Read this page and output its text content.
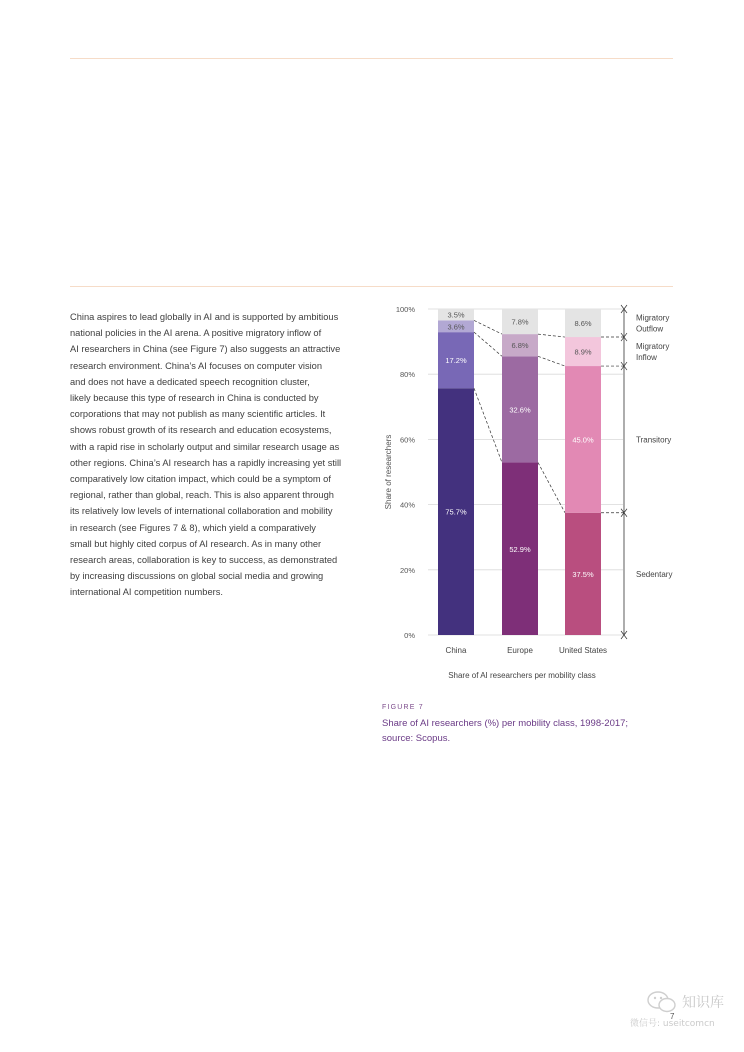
China aspires to lead globally in AI and is supported by ambitious
national policies in the AI arena. A positive migratory inflow of
AI researchers in China (see Figure 7) also suggests an attractive
research environment. China’s AI focuses on computer vision
and does not have a dedicated speech recognition cluster,
likely because this type of research in China is conducted by
corporations that may not publish as many scientific articles. It
shows robust growth of its research and education ecosystems,
with a rapid rise in scholarly output and similar research usage as
other regions. China’s AI research has a rapidly increasing yet still
comparatively low citation impact, which could be a symptom of
regional, rather than global, reach. This is also apparent through
its relatively low levels of international collaboration and mobility
in research (see Figures 7 & 8), which yield a comparatively
small but highly cited corpus of AI research. As in many other
research areas, collaboration is key to success, as demonstrated
by increasing discussions on global social media and growing
international AI competition numbers.
0%
20%
40%
60%
80%
100%
Share of researchers
75.7%
17.2%
3.6%
3.5%
China
52.9%
32.6%
6.8%
7.8%
Europe
37.5%
45.0%
8.9%
8.6%
United States
Migratory
Outflow
Migratory
Inflow
Transitory
Sedentary
Share of AI researchers per mobility class
FIGURE 7
Share of AI researchers (%) per mobility class, 1998-2017;
source: Scopus.
7
知识库
微信号: useitcomcn
